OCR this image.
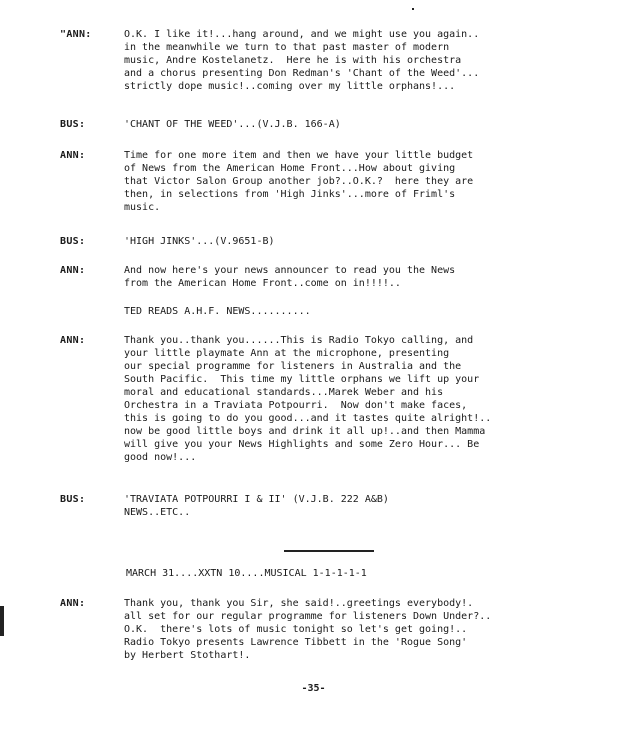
"ANN:	O.K. I like it!...hang around, and we might use you again..
in the meanwhile we turn to that past master of modern
music, Andre Kostelanetz.  Here he is with his orchestra
and a chorus presenting Don Redman's 'Chant of the Weed'...
strictly dope music!..coming over my little orphans!...
BUS:	'CHANT OF THE WEED'...(V.J.B. 166-A)
ANN:	Time for one more item and then we have your little budget
of News from the American Home Front...How about giving
that Victor Salon Group another job?..O.K.?  here they are
then, in selections from 'High Jinks'...more of Friml's
music.
BUS:	'HIGH JINKS'...(V.9651-B)
ANN:	And now here's your news announcer to read you the News
from the American Home Front..come on in!!!!..
TED READS A.H.F. NEWS..........
ANN:	Thank you..thank you......This is Radio Tokyo calling, and
your little playmate Ann at the microphone, presenting
our special programme for listeners in Australia and the
South Pacific.  This time my little orphans we lift up your
moral and educational standards...Marek Weber and his
Orchestra in a Traviata Potpourri.  Now don't make faces,
this is going to do you good...and it tastes quite alright!..
now be good little boys and drink it all up!..and then Mamma
will give you your News Highlights and some Zero Hour... Be
good now!...
BUS:	'TRAVIATA POTPOURRI I & II' (V.J.B. 222 A&B)
NEWS..ETC..
MARCH 31....XXTN 10....MUSICAL 1-1-1-1-1
ANN:	Thank you, thank you Sir, she said!..greetings everybody!.
all set for our regular programme for listeners Down Under?..
O.K.  there's lots of music tonight so let's get going!..
Radio Tokyo presents Lawrence Tibbett in the 'Rogue Song'
by Herbert Stothart!.
-35-
